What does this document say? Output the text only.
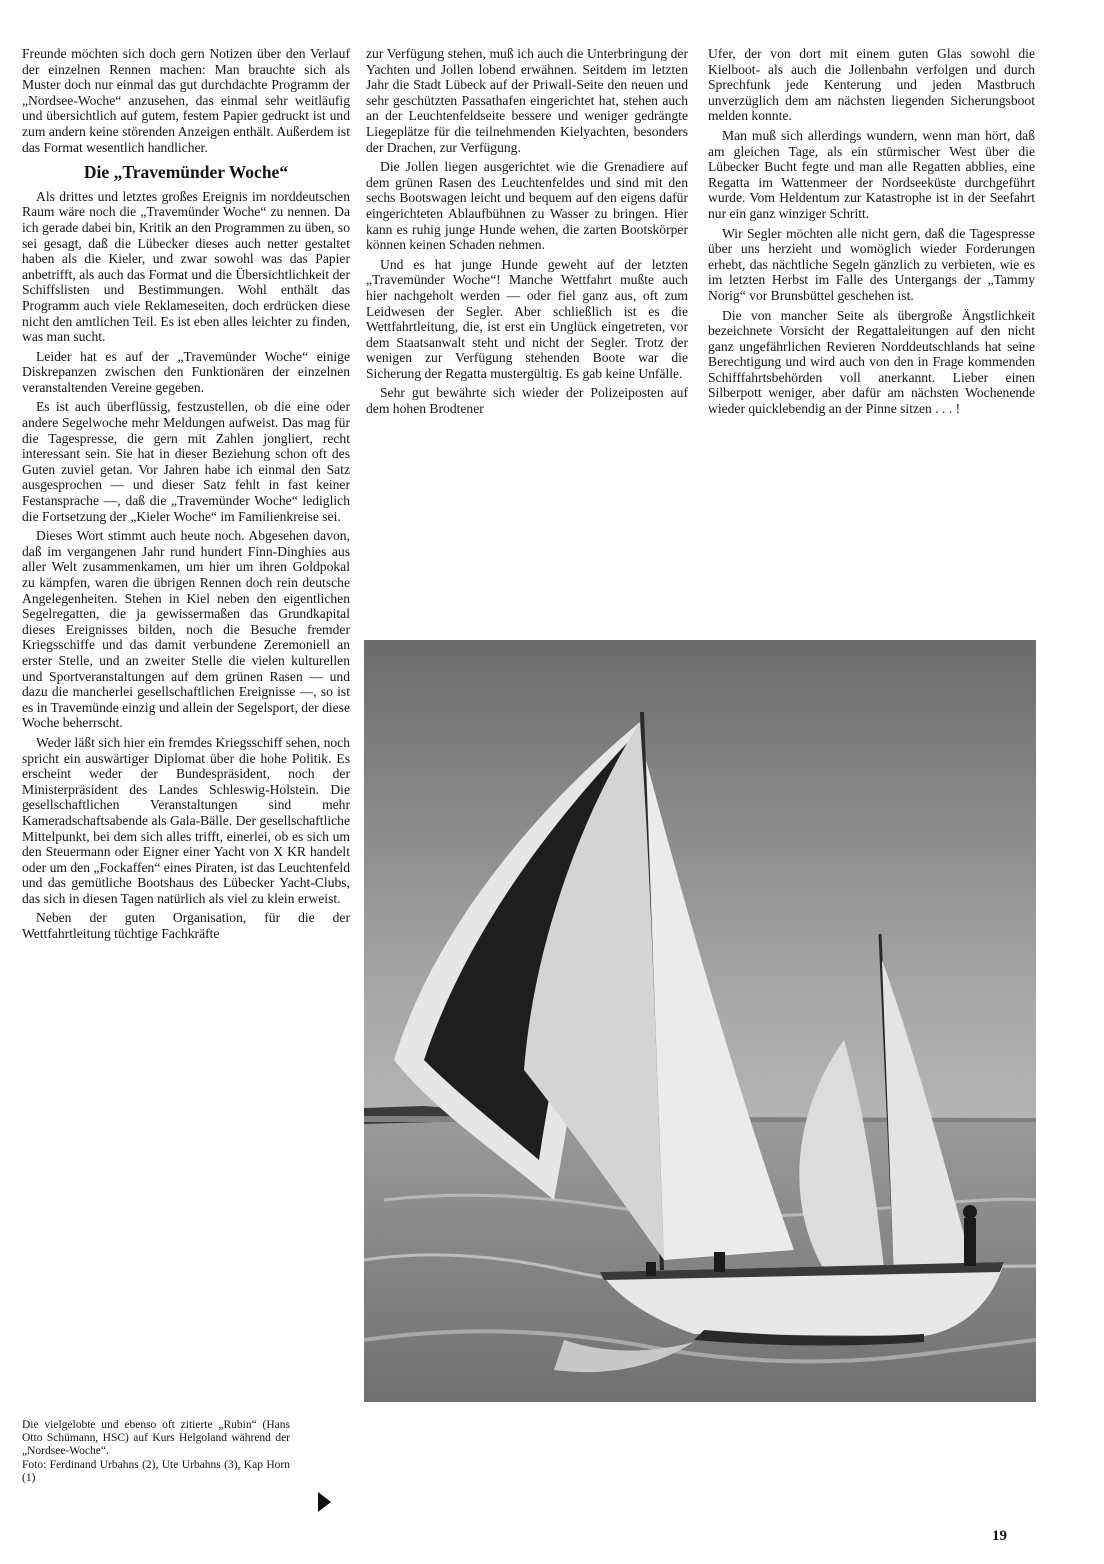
Freunde möchten sich doch gern Notizen über den Verlauf der einzelnen Rennen machen: Man brauchte sich als Muster doch nur einmal das gut durchdachte Programm der „Nordsee-Woche“ anzusehen, das einmal sehr weitläufig und übersichtlich auf gutem, festem Papier gedruckt ist und zum andern keine störenden Anzeigen enthält. Außerdem ist das Format wesentlich handlicher.

Die „Travemünder Woche“

Als drittes und letztes großes Ereignis im norddeutschen Raum wäre noch die „Travemünder Woche“ zu nennen. Da ich gerade dabei bin, Kritik an den Programmen zu üben, so sei gesagt, daß die Lübecker dieses auch netter gestaltet haben als die Kieler, und zwar sowohl was das Papier anbetrifft, als auch das Format und die Übersichtlichkeit der Schiffslisten und Bestimmungen. Wohl enthält das Programm auch viele Reklameseiten, doch erdrücken diese nicht den amtlichen Teil. Es ist eben alles leichter zu finden, was man sucht.

Leider hat es auf der „Travemünder Woche“ einige Diskrepanzen zwischen den Funktionären der einzelnen veranstaltenden Vereine gegeben.

Es ist auch überflüssig, festzustellen, ob die eine oder andere Segelwoche mehr Meldungen aufweist. Das mag für die Tagespresse, die gern mit Zahlen jongliert, recht interessant sein. Sie hat in dieser Beziehung schon oft des Guten zuviel getan. Vor Jahren habe ich einmal den Satz ausgesprochen — und dieser Satz fehlt in fast keiner Festansprache —, daß die „Travemünder Woche“ lediglich die Fortsetzung der „Kieler Woche“ im Familienkreise sei.

Dieses Wort stimmt auch heute noch. Abgesehen davon, daß im vergangenen Jahr rund hundert Finn-Dinghies aus aller Welt zusammenkamen, um hier um ihren Goldpokal zu kämpfen, waren die übrigen Rennen doch rein deutsche Angelegenheiten. Stehen in Kiel neben den eigentlichen Segelregatten, die ja gewissermaßen das Grundkapital dieses Ereignisses bilden, noch die Besuche fremder Kriegsschiffe und das damit verbundene Zeremoniell an erster Stelle, und an zweiter Stelle die vielen kulturellen und Sportveranstaltungen auf dem grünen Rasen — und dazu die mancherlei gesellschaftlichen Ereignisse —, so ist es in Travemünde einzig und allein der Segelsport, der diese Woche beherrscht.

Weder läßt sich hier ein fremdes Kriegsschiff sehen, noch spricht ein auswärtiger Diplomat über die hohe Politik. Es erscheint weder der Bundespräsident, noch der Ministerpräsident des Landes Schleswig-Holstein. Die gesellschaftlichen Veranstaltungen sind mehr Kameradschaftsabende als Gala-Bälle. Der gesellschaftliche Mittelpunkt, bei dem sich alles trifft, einerlei, ob es sich um den Steuermann oder Eigner einer Yacht von X KR handelt oder um den „Fockaffen“ eines Piraten, ist das Leuchtenfeld und das gemütliche Bootshaus des Lübecker Yacht-Clubs, das sich in diesen Tagen natürlich als viel zu klein erweist.

Neben der guten Organisation, für die der Wettfahrtleitung tüchtige Fachkräfte

zur Verfügung stehen, muß ich auch die Unterbringung der Yachten und Jollen lobend erwähnen. Seitdem im letzten Jahr die Stadt Lübeck auf der Priwall-Seite den neuen und sehr geschützten Passathafen eingerichtet hat, stehen auch an der Leuchtenfeldseite bessere und weniger gedrängte Liegeplätze für die teilnehmenden Kielyachten, besonders der Drachen, zur Verfügung.

Die Jollen liegen ausgerichtet wie die Grenadiere auf dem grünen Rasen des Leuchtenfeldes und sind mit den sechs Bootswagen leicht und bequem auf den eigens dafür eingerichteten Ablaufbühnen zu Wasser zu bringen. Hier kann es ruhig junge Hunde wehen, die zarten Bootskörper können keinen Schaden nehmen.

Und es hat junge Hunde geweht auf der letzten „Travemünder Woche“! Manche Wettfahrt mußte auch hier nachgeholt werden — oder fiel ganz aus, oft zum Leidwesen der Segler. Aber schließlich ist es die Wettfahrtleitung, die, ist erst ein Unglück eingetreten, vor dem Staatsanwalt steht und nicht der Segler. Trotz der wenigen zur Verfügung stehenden Boote war die Sicherung der Regatta mustergültig. Es gab keine Unfälle.

Sehr gut bewährte sich wieder der Polizeiposten auf dem hohen Brodtener

Ufer, der von dort mit einem guten Glas sowohl die Kielboot- als auch die Jollenbahn verfolgen und durch Sprechfunk jede Kenterung und jeden Mastbruch unverzüglich dem am nächsten liegenden Sicherungsboot melden konnte.

Man muß sich allerdings wundern, wenn man hört, daß am gleichen Tage, als ein stürmischer West über die Lübecker Bucht fegte und man alle Regatten abblies, eine Regatta im Wattenmeer der Nordseeküste durchgeführt wurde. Vom Heldentum zur Katastrophe ist in der Seefahrt nur ein ganz winziger Schritt.

Wir Segler möchten alle nicht gern, daß die Tagespresse über uns herzieht und womöglich wieder Forderungen erhebt, das nächtliche Segeln gänzlich zu verbieten, wie es im letzten Herbst im Falle des Untergangs der „Tammy Norig“ vor Brunsbüttel geschehen ist.

Die von mancher Seite als übergroße Ängstlichkeit bezeichnete Vorsicht der Regattaleitungen auf den nicht ganz ungefährlichen Revieren Norddeutschlands hat seine Berechtigung und wird auch von den in Frage kommenden Schifffahrtsbehörden voll anerkannt. Lieber einen Silberpott weniger, aber dafür am nächsten Wochenende wieder quicklebendig an der Pinne sitzen . . . !

Die vielgelobte und ebenso oft zitierte „Rubin“ (Hans Otto Schümann, HSC) auf Kurs Helgoland während der „Nordsee-Woche“.

Foto: Ferdinand Urbahns (2), Ute Urbahns (3), Kap Horn (1)

19
